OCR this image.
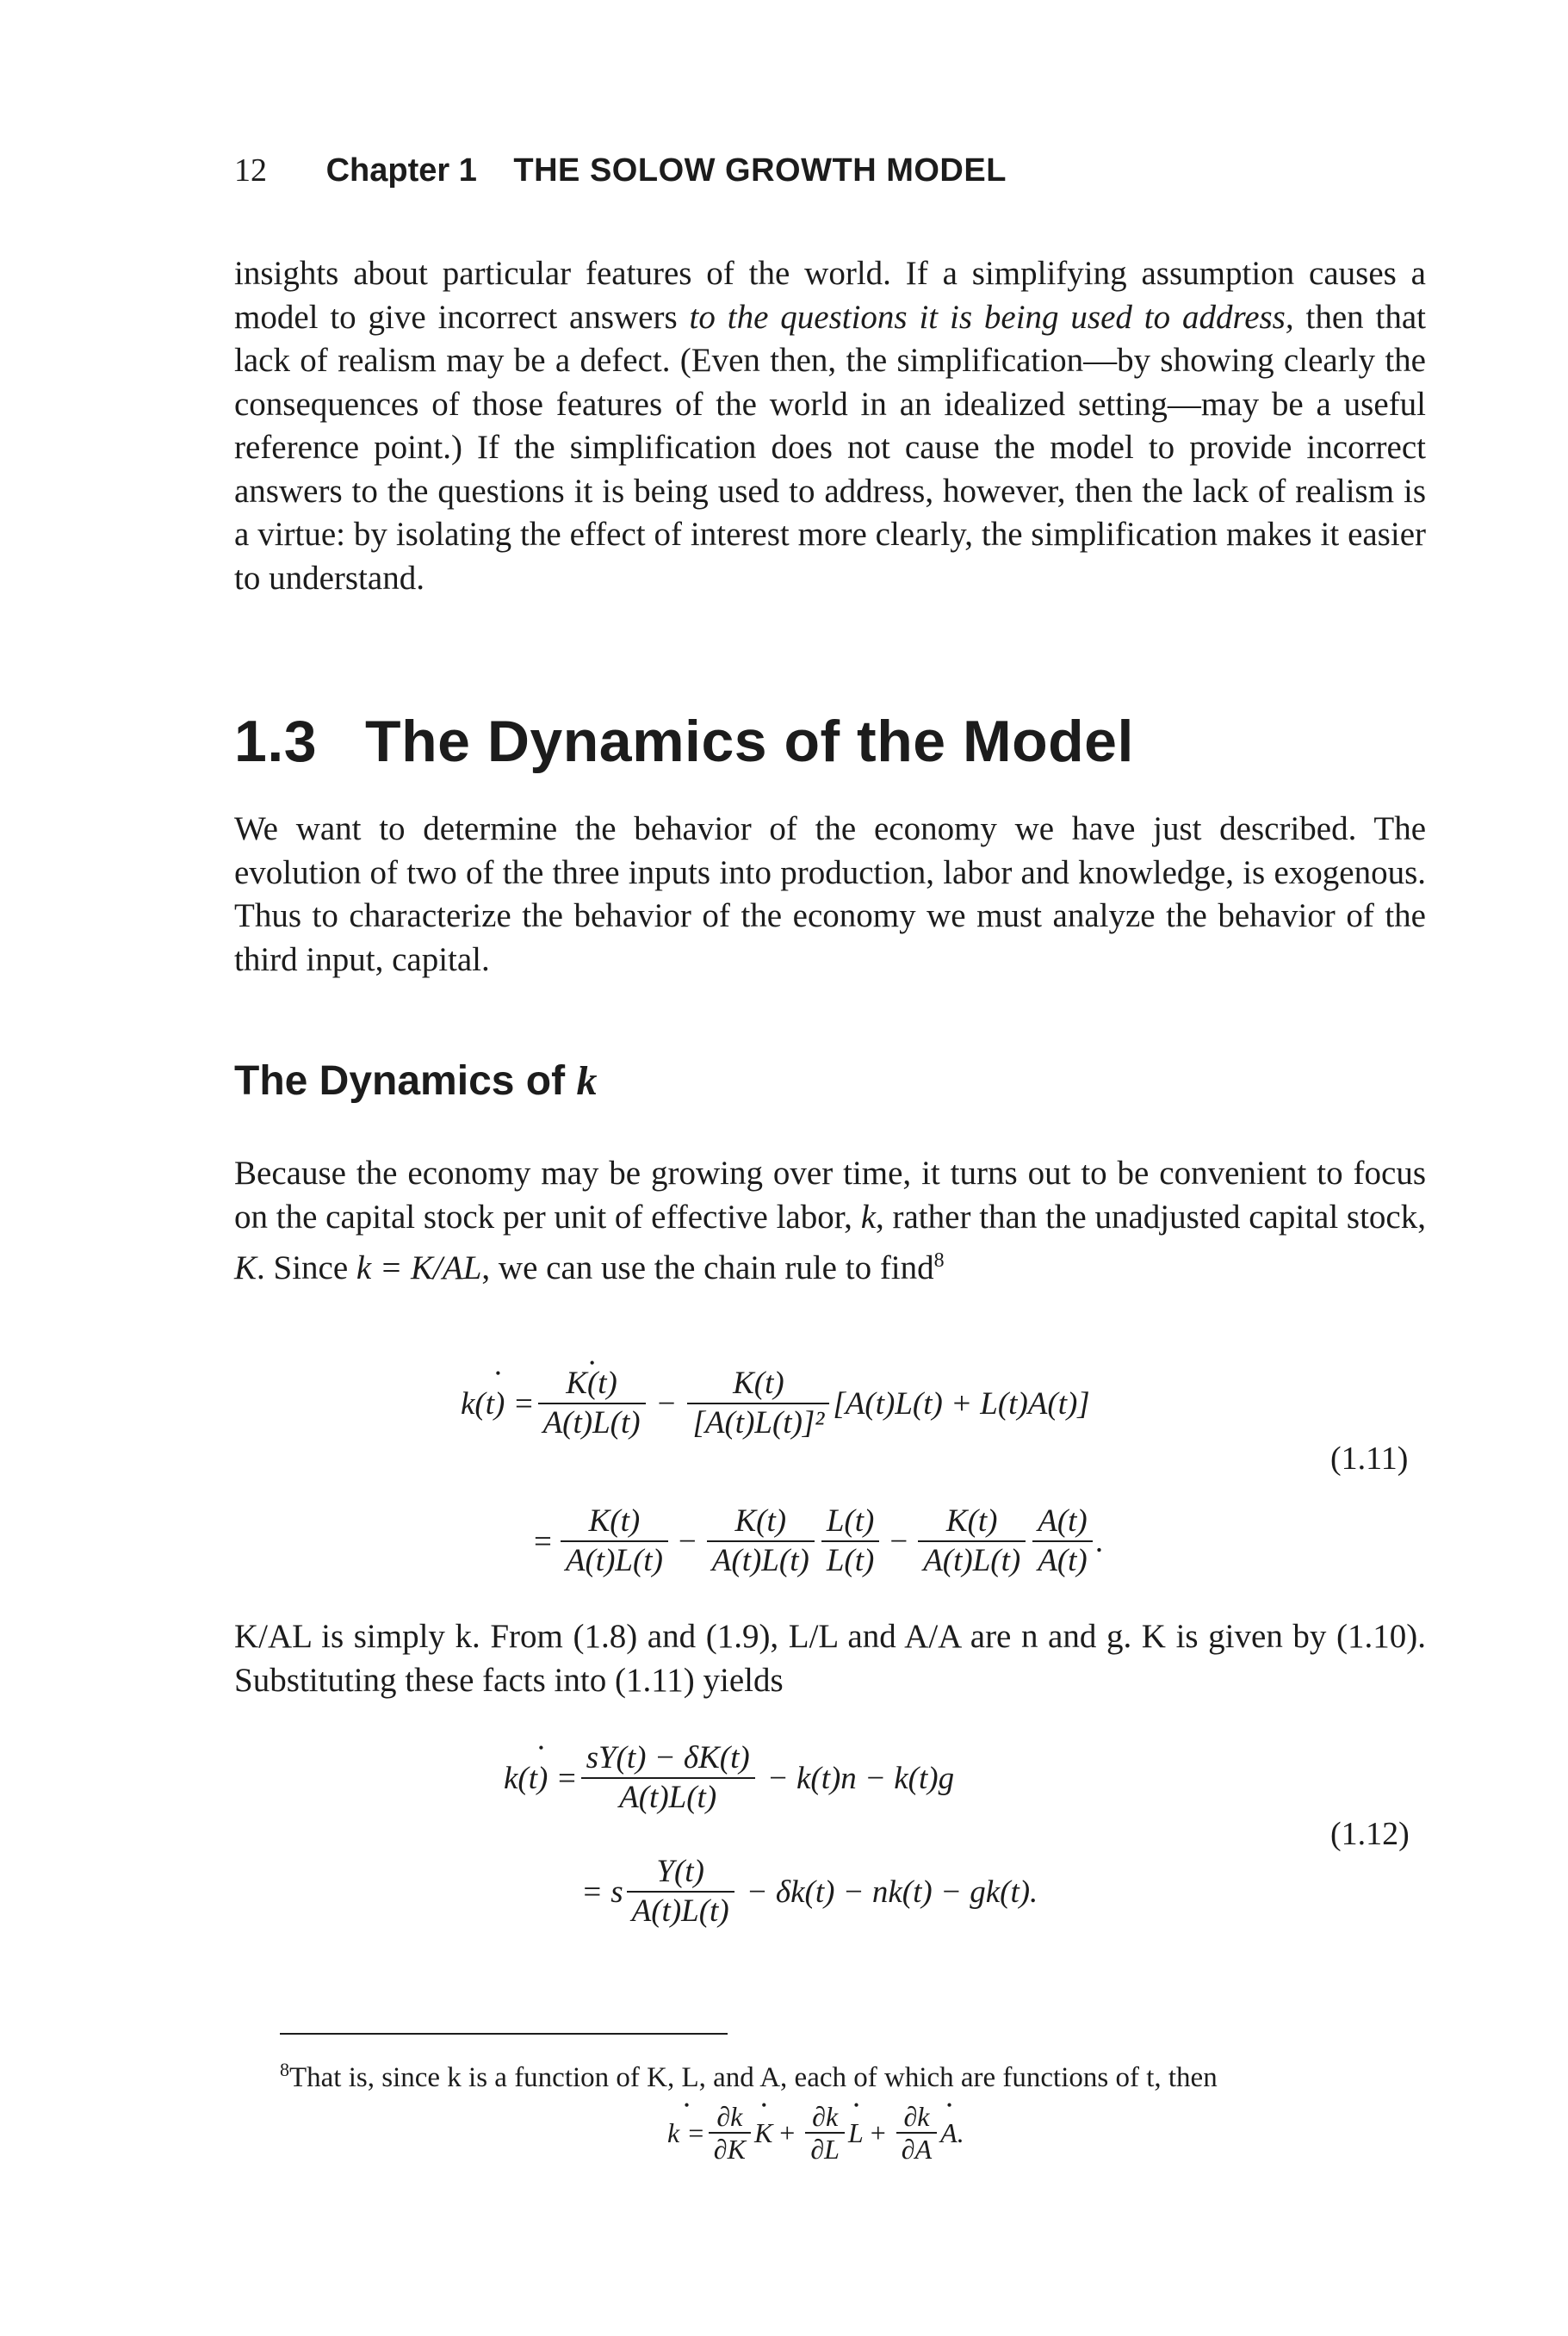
12 Chapter 1 THE SOLOW GROWTH MODEL
insights about particular features of the world. If a simplifying assumption causes a model to give incorrect answers to the questions it is being used to address, then that lack of realism may be a defect. (Even then, the simplification—by showing clearly the consequences of those features of the world in an idealized setting—may be a useful reference point.) If the simplification does not cause the model to provide incorrect answers to the questions it is being used to address, however, then the lack of realism is a virtue: by isolating the effect of interest more clearly, the simplification makes it easier to understand.
1.3 The Dynamics of the Model
We want to determine the behavior of the economy we have just described. The evolution of two of the three inputs into production, labor and knowledge, is exogenous. Thus to characterize the behavior of the economy we must analyze the behavior of the third input, capital.
The Dynamics of k
Because the economy may be growing over time, it turns out to be convenient to focus on the capital stock per unit of effective labor, k, rather than the unadjusted capital stock, K. Since k = K/AL, we can use the chain rule to find$^8$
• k(t) = • $\frac{K(t)}{A(t)L(t)} - \frac{K(t)}{\text{[A(t)L(t)]²}} [A(t)L(t) + L(t)A(t)]$
= $\frac{K(t)}{A(t)L(t)} - \frac{K(t)}{A(t)L(t)} \frac{L(t)}{L(t)} - \frac{K(t)}{A(t)L(t)} \frac{A(t)}{A(t)}$ .
(1.11)
K/AL is simply k. From (1.8) and (1.9), L/L and A/A are n and g. K is given by (1.10). Substituting these facts into (1.11) yields
• $k(t) = \frac{sY(t) - \delta K(t)}{A(t)L(t)} - k(t)n - k(t)g$
= s $\frac{Y(t)}{A(t)L(t)} - \delta k(t) - nk(t) - gk(t)$.
(1.12)
$^8$That is, since k is a function of K, L, and A, each of which are functions of t, then
• $k = \frac{\partial k}{\partial K}$ • $K + \frac{\partial k}{\partial L}$ • $L + \frac{\partial k}{\partial A}$ • A .
